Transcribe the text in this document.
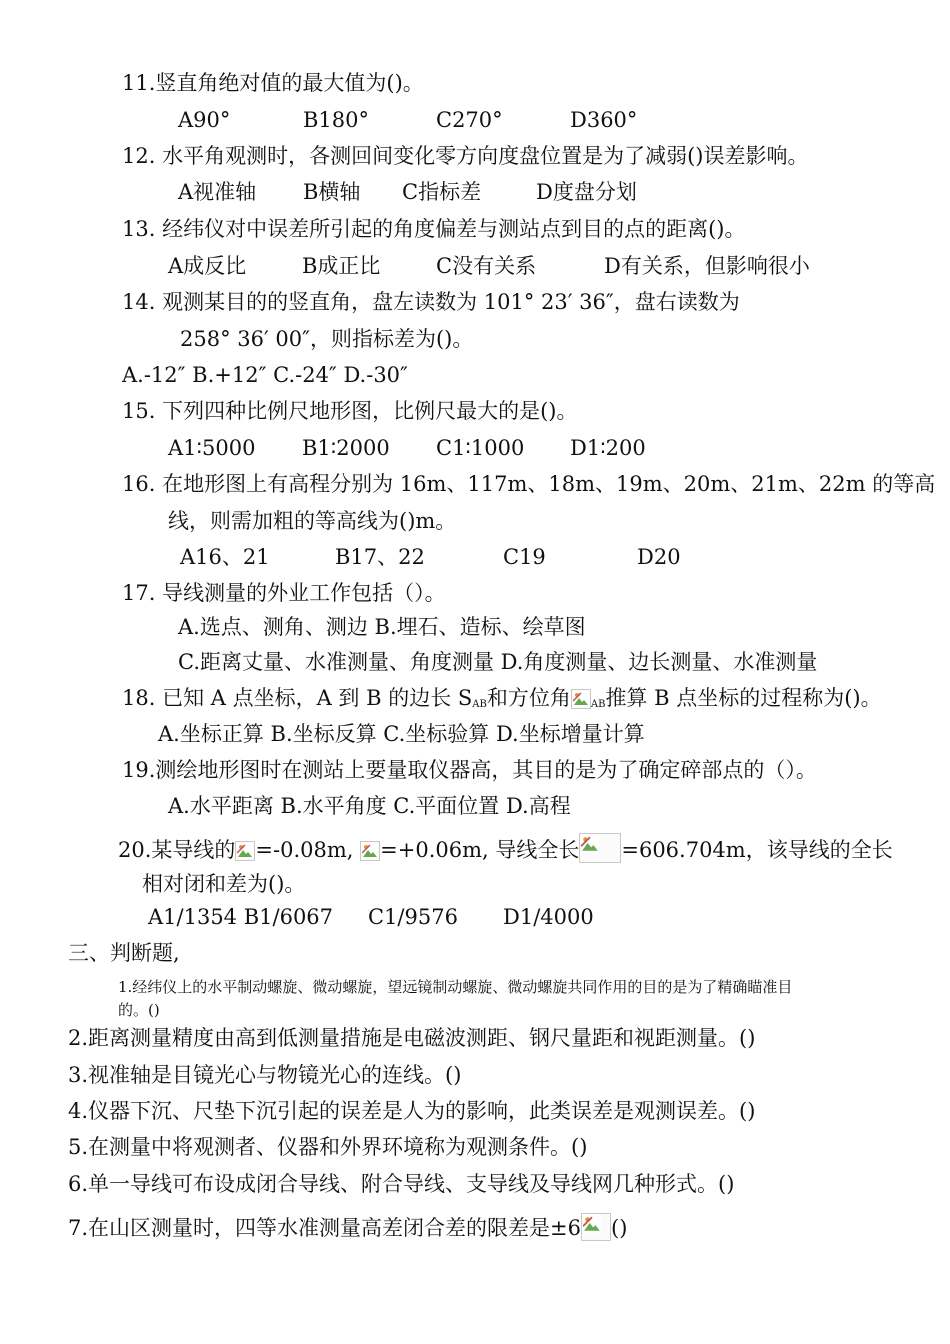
11.竖直角绝对值的最大值为()。
A90°	B180°	C270°	D360°
12. 水平角观测时，各测回间变化零方向度盘位置是为了减弱()误差影响。
A视准轴 B横轴 C指标差	D度盘分划
13. 经纬仪对中误差所引起的角度偏差与测站点到目的点的距离()。
A成反比	B成正比	C没有关系	D有关系，但影响很小
14. 观测某目的的竖直角，盘左读数为 101° 23′ 36″，盘右读数为
258° 36′ 00″，则指标差为()。
A.-12″ B.+12″ C.-24″ D.-30″
15. 下列四种比例尺地形图，比例尺最大的是()。
A1∶5000 B1∶2000 C1∶1000 D1∶200
16. 在地形图上有高程分别为 16m、117m、18m、19m、20m、21m、22m 的等高
线，则需加粗的等高线为()m。
A16、21	B17、22	C19	D20
17. 导线测量的外业工作包括（）。
A.选点、测角、测边 B.埋石、造标、绘草图
C.距离丈量、水准测量、角度测量 D.角度测量、边长测量、水准测量
18. 已知 A 点坐标，A 到 B 的边长 $S_{AB}$和方位角 $_{AB}$推算 B 点坐标的过程称为()。
A.坐标正算 B.坐标反算 C.坐标验算 D.坐标增量计算
19.测绘地形图时在测站上要量取仪器高，其目的是为了确定碎部点的（）。
A.水平距离 B.水平角度 C.平面位置 D.高程
20.某导线的 =-0.08m, =+0.06m, 导线全长 =606.704m，该导线的全长
相对闭和差为()。
A1/1354 B1/6067 C1/9576 D1/4000
三、判断题,
1.经纬仪上的水平制动螺旋、微动螺旋，望远镜制动螺旋、微动螺旋共同作用的目的是为了精确瞄准目
的。()
2.距离测量精度由高到低测量措施是电磁波测距、钢尺量距和视距测量。()
3.视准轴是目镜光心与物镜光心的连线。()
4.仪器下沉、尺垫下沉引起的误差是人为的影响，此类误差是观测误差。()
5.在测量中将观测者、仪器和外界环境称为观测条件。()
6.单一导线可布设成闭合导线、附合导线、支导线及导线网几种形式。()
7.在山区测量时，四等水准测量高差闭合差的限差是±6 ()
